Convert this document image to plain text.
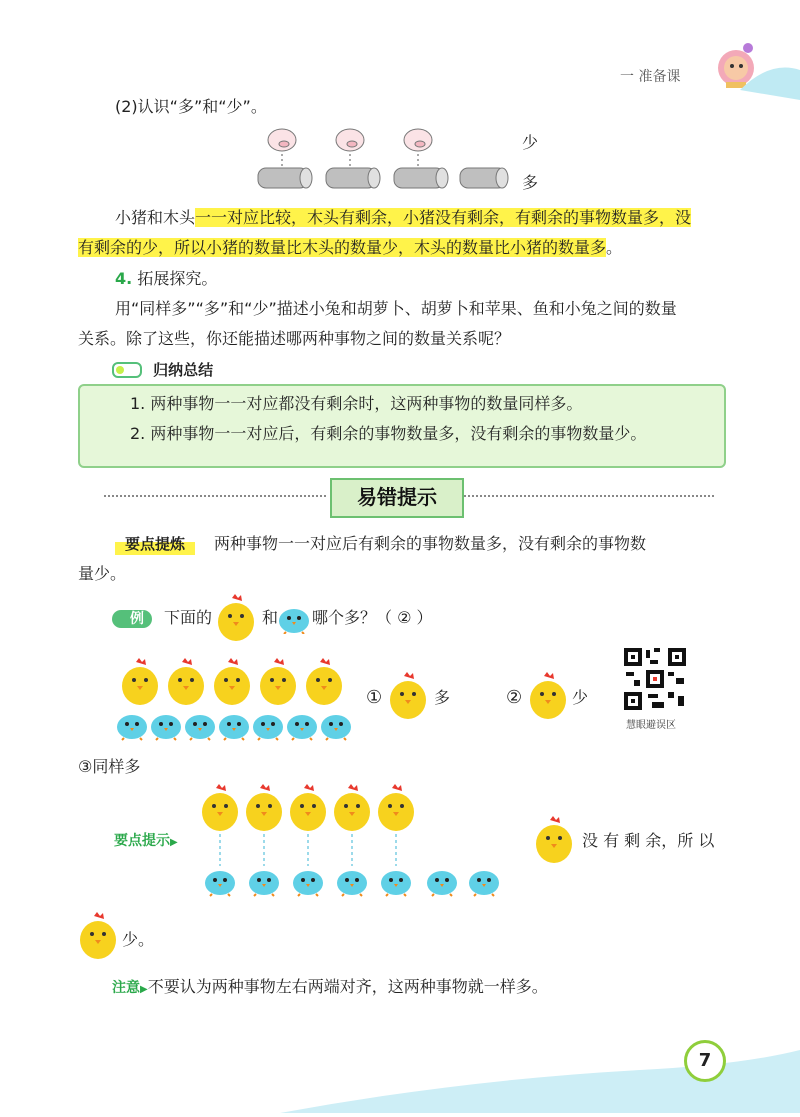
一 准备课
(2)认识“多”和“少”。
少
多
小猪和木头一一对应比较，木头有剩余，小猪没有剩余，有剩余的事物数量多，没
有剩余的少，所以小猪的数量比木头的数量少，木头的数量比小猪的数量多。
4. 拓展探究。
用“同样多”“多”和“少”描述小兔和胡萝卜、胡萝卜和苹果、鱼和小兔之间的数量
关系。除了这些，你还能描述哪两种事物之间的数量关系呢？
归纳总结
1. 两种事物一一对应都没有剩余时，这两种事物的数量同样多。
2. 两种事物一一对应后，有剩余的事物数量多，没有剩余的事物数量少。
易错提示
要点提炼	两种事物一一对应后有剩余的事物数量多，没有剩余的事物数
量少。
例	下面的	和 哪个多？（ ② ）
①	多	②	少
慧眼避误区
③同样多
要点提示▶	没 有 剩 余，所 以
少。
注意▶不要认为两种事物左右两端对齐，这两种事物就一样多。
7
